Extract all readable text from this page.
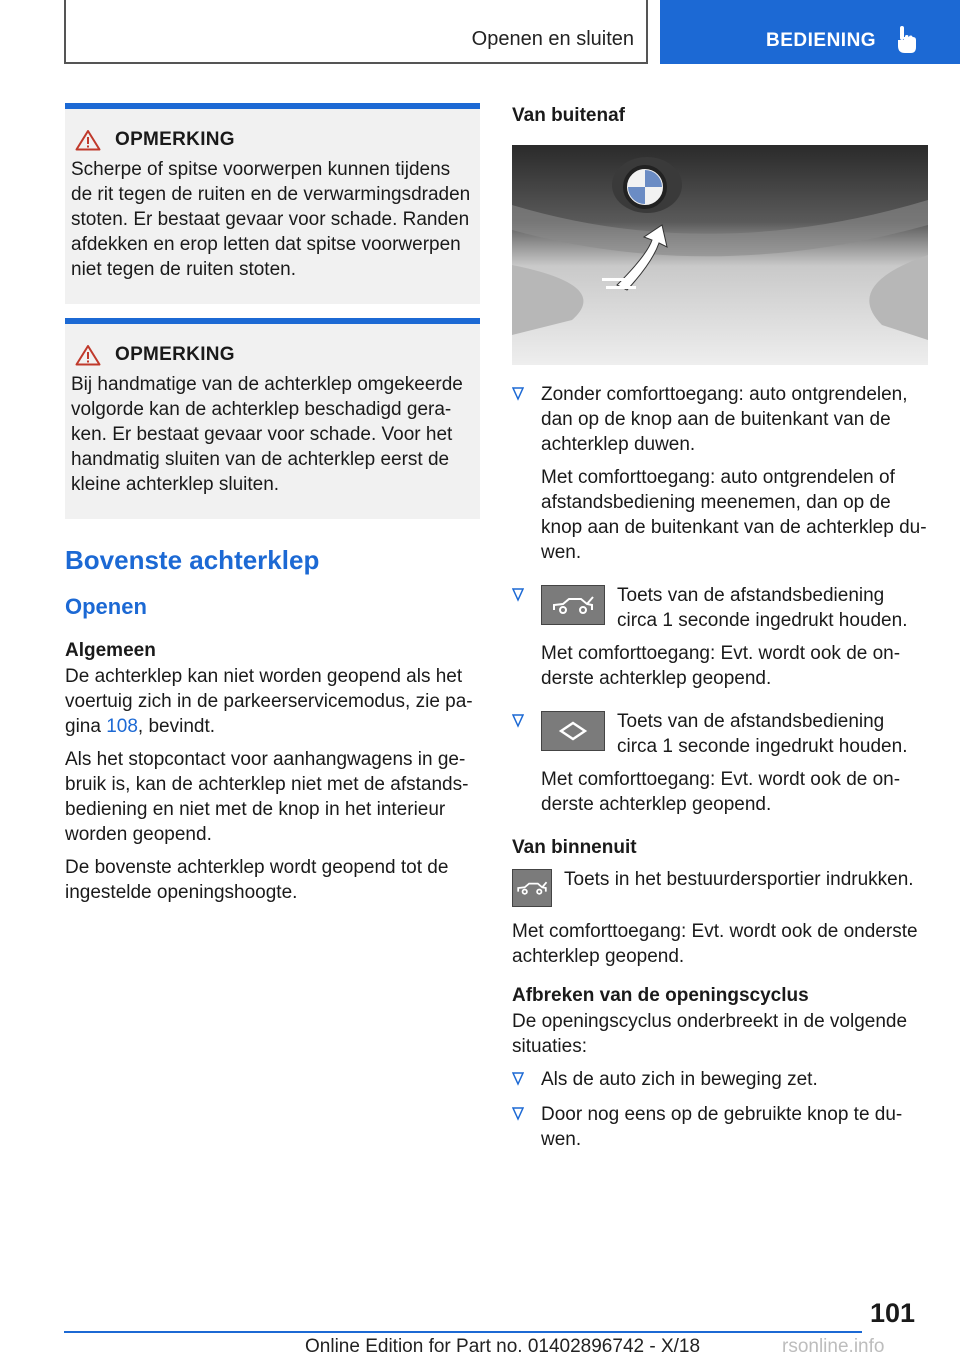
Openen en sluiten	BEDIENING
OPMERKING
Scherpe of spitse voorwerpen kunnen tijdens de rit tegen de ruiten en de verwarmingsdraden stoten. Er bestaat gevaar voor schade. Randen afdekken en erop letten dat spitse voorwerpen niet tegen de ruiten stoten.
OPMERKING
Bij handmatige van de achterklep omgekeerde volgorde kan de achterklep beschadigd gera-ken. Er bestaat gevaar voor schade. Voor het handmatig sluiten van de achterklep eerst de kleine achterklep sluiten.
Bovenste achterklep
Openen
Algemeen

De achterklep kan niet worden geopend als het voertuig zich in de parkeerservicemodus, zie pa-gina 108, bevindt.

Als het stopcontact voor aanhangwagens in ge-bruik is, kan de achterklep niet met de afstands-bediening en niet met de knop in het interieur worden geopend.

De bovenste achterklep wordt geopend tot de ingestelde openingshoogte.

Van buitenaf

Zonder comforttoegang: auto ontgrendelen, dan op de knop aan de buitenkant van de achterklep duwen.

Met comforttoegang: auto ontgrendelen of afstandsbediening meenemen, dan op de knop aan de buitenkant van de achterklep du-wen.

Toets van de afstandsbediening circa 1 seconde ingedrukt houden.

Met comforttoegang: Evt. wordt ook de on-derste achterklep geopend.

Toets van de afstandsbediening circa 1 seconde ingedrukt houden.

Met comforttoegang: Evt. wordt ook de on-derste achterklep geopend.

Van binnenuit
Toets in het bestuurdersportier indrukken.

Met comforttoegang: Evt. wordt ook de onderste achterklep geopend.

Afbreken van de openingscyclus

De openingscyclus onderbreekt in de volgende situaties:

Als de auto zich in beweging zet.
Door nog eens op de gebruikte knop te du-wen.
101
Online Edition for Part no. 01402896742 - X/18	rsonline.info
